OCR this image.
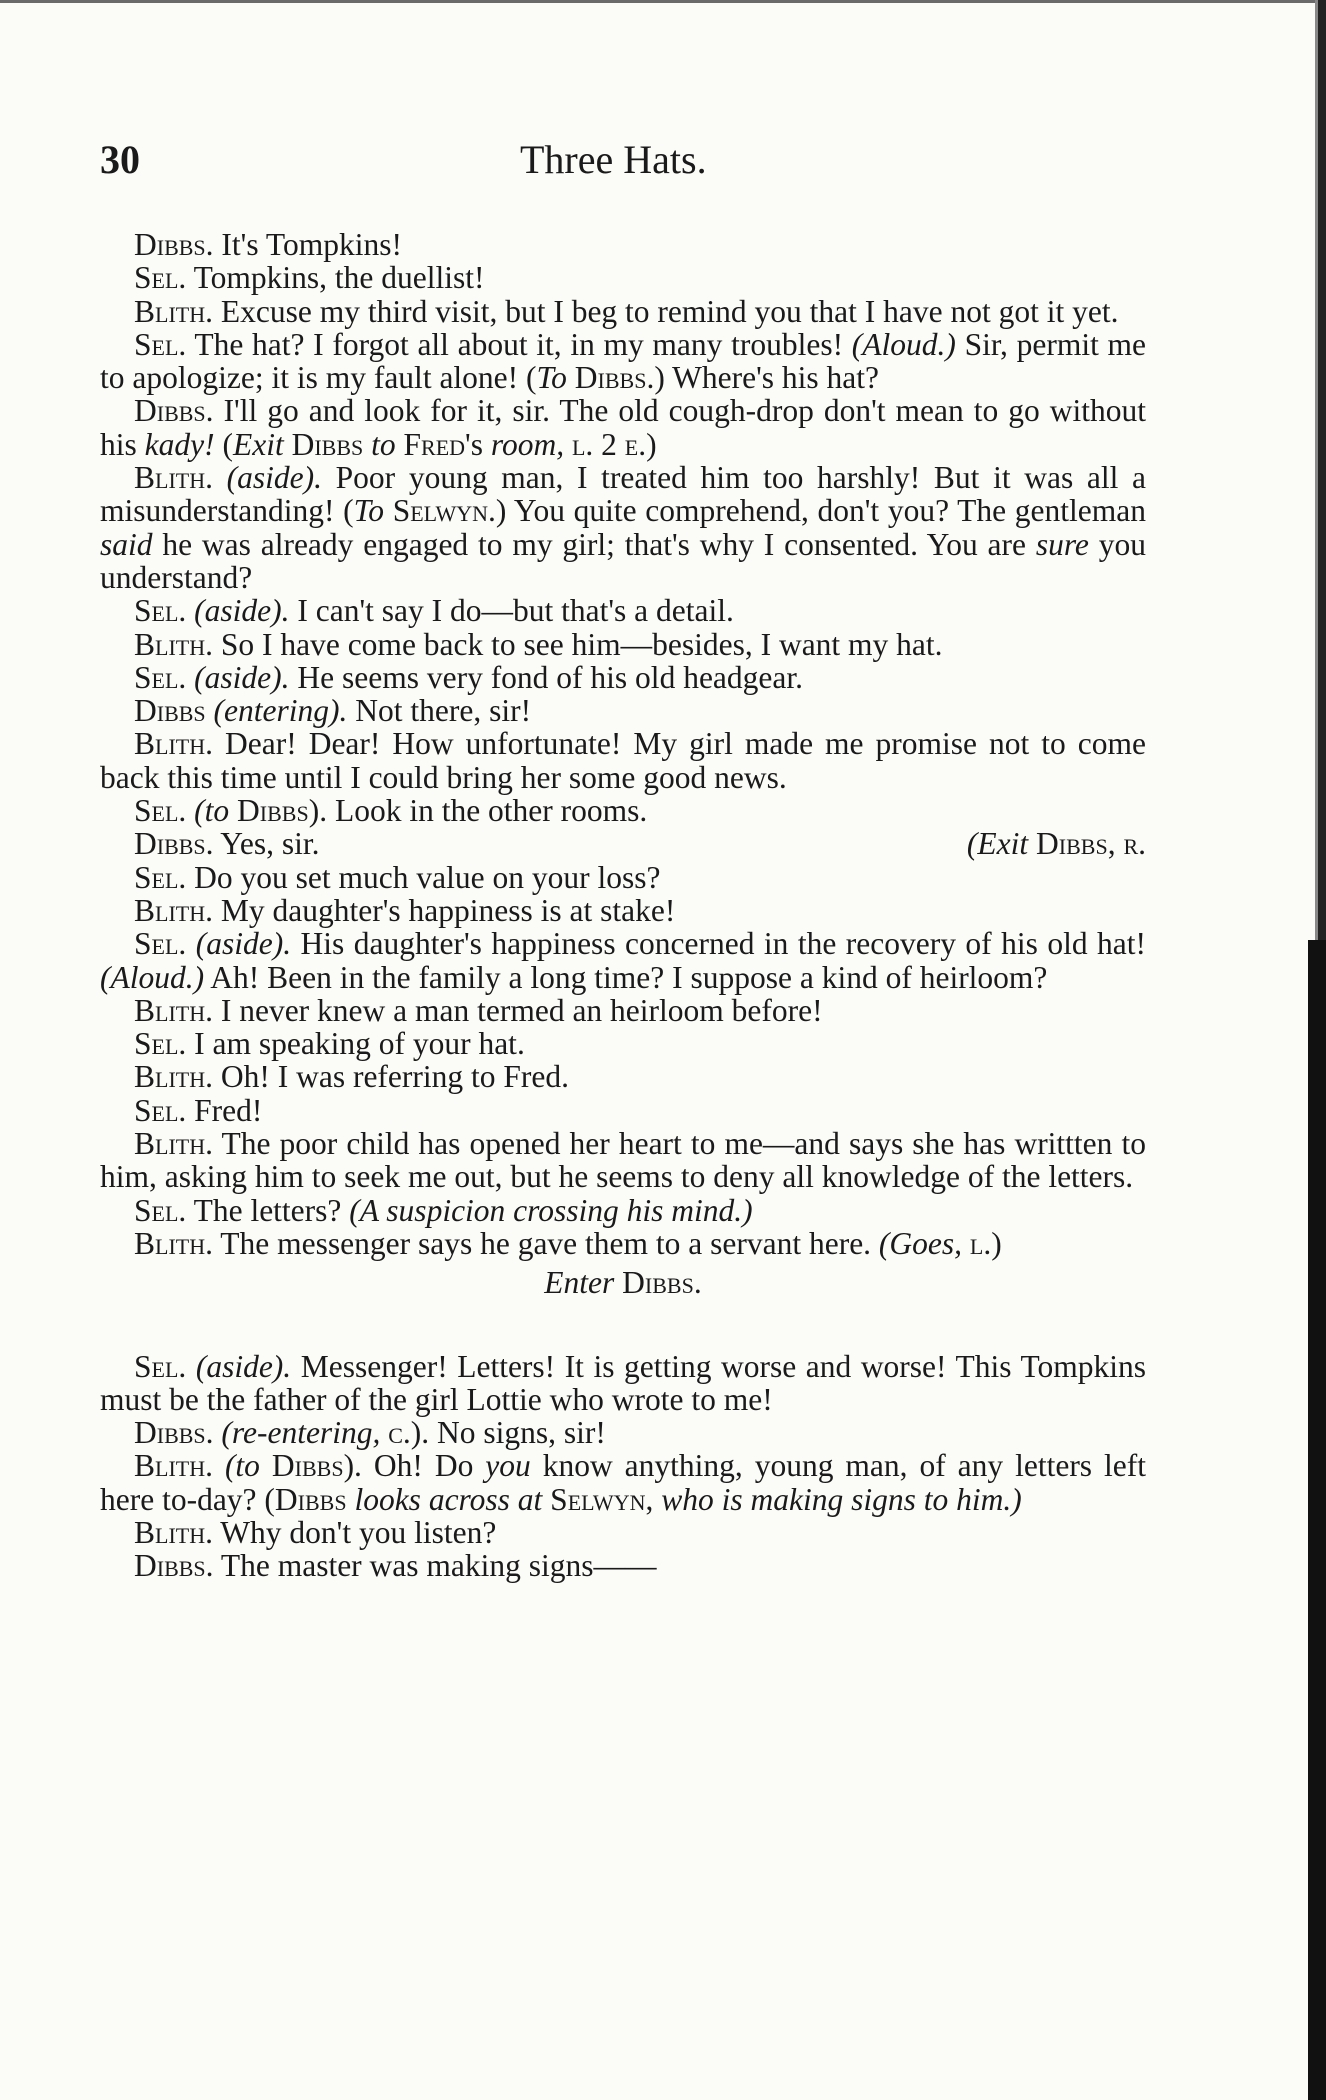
30	Three Hats.

Dibbs. It's Tompkins!

Sel. Tompkins, the duellist!

Blith. Excuse my third visit, but I beg to remind you that I have not got it yet.

Sel. The hat? I forgot all about it, in my many troubles! (Aloud.) Sir, permit me to apologize; it is my fault alone! (To Dibbs.) Where's his hat?

Dibbs. I'll go and look for it, sir. The old cough-drop don't mean to go without his kady! (Exit Dibbs to Fred's room, l. 2 e.)

Blith. (aside). Poor young man, I treated him too harshly! But it was all a misunderstanding! (To Selwyn.) You quite comprehend, don't you? The gentleman said he was already engaged to my girl; that's why I consented. You are sure you understand?

Sel. (aside). I can't say I do—but that's a detail.

Blith. So I have come back to see him—besides, I want my hat.

Sel. (aside). He seems very fond of his old headgear.

Dibbs (entering). Not there, sir!

Blith. Dear! Dear! How unfortunate! My girl made me promise not to come back this time until I could bring her some good news.

Sel. (to Dibbs). Look in the other rooms.

Dibbs. Yes, sir.	(Exit Dibbs, r.

Sel. Do you set much value on your loss?

Blith. My daughter's happiness is at stake!

Sel. (aside). His daughter's happiness concerned in the recovery of his old hat! (Aloud.) Ah! Been in the family a long time? I suppose a kind of heirloom?

Blith. I never knew a man termed an heirloom before!

Sel. I am speaking of your hat.

Blith. Oh! I was referring to Fred.

Sel. Fred!

Blith. The poor child has opened her heart to me—and says she has writtten to him, asking him to seek me out, but he seems to deny all knowledge of the letters.

Sel. The letters? (A suspicion crossing his mind.)

Blith. The messenger says he gave them to a servant here. (Goes, l.)

Enter Dibbs.

Sel. (aside). Messenger! Letters! It is getting worse and worse! This Tompkins must be the father of the girl Lottie who wrote to me!

Dibbs. (re-entering, c.). No signs, sir!

Blith. (to Dibbs). Oh! Do you know anything, young man, of any letters left here to-day? (Dibbs looks across at Selwyn, who is making signs to him.)

Blith. Why don't you listen?

Dibbs. The master was making signs——
